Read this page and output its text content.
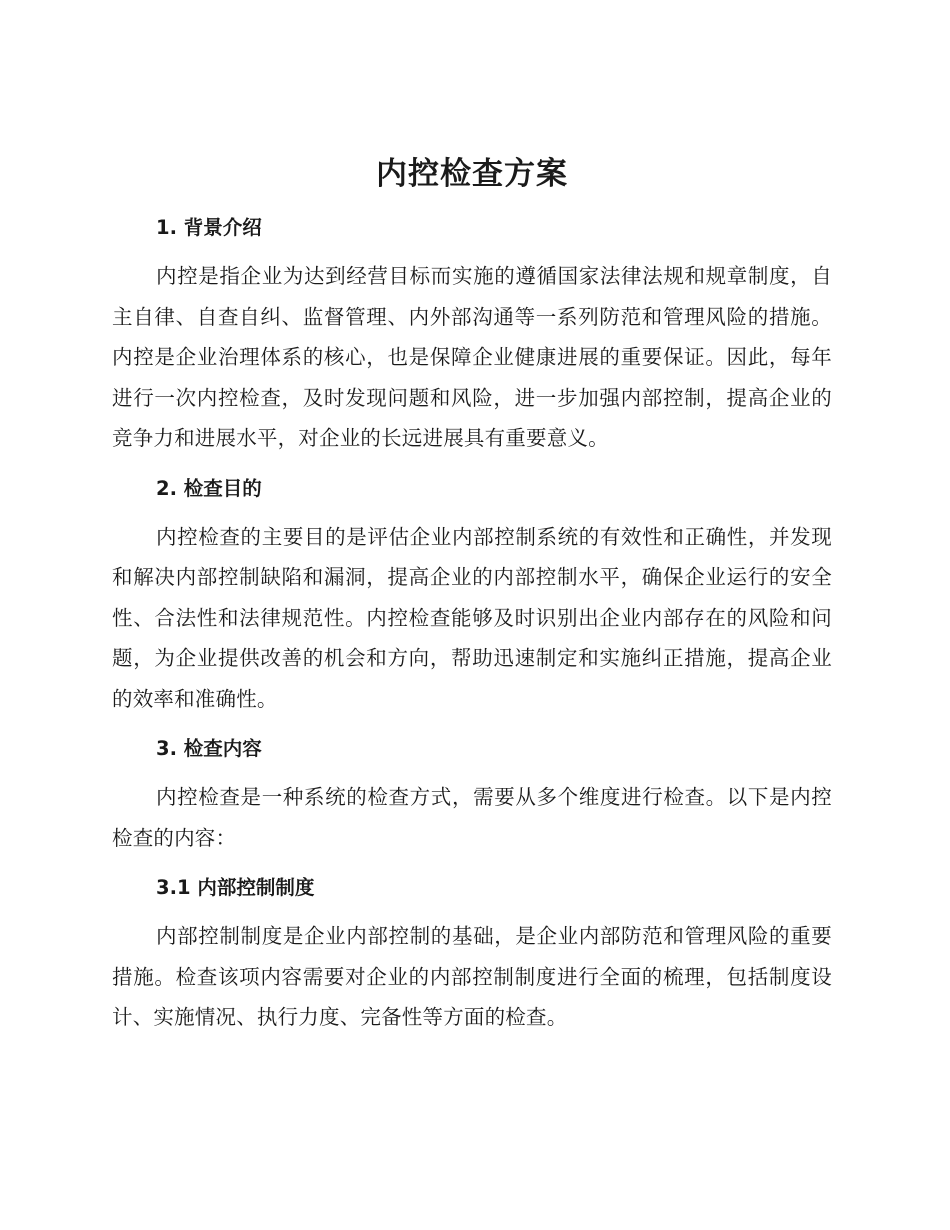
内控检查方案
1. 背景介绍

内控是指企业为达到经营目标而实施的遵循国家法律法规和规章制度，自主自律、自查自纠、监督管理、内外部沟通等一系列防范和管理风险的措施。内控是企业治理体系的核心，也是保障企业健康进展的重要保证。因此，每年进行一次内控检查，及时发现问题和风险，进一步加强内部控制，提高企业的竞争力和进展水平，对企业的长远进展具有重要意义。

2. 检查目的

内控检查的主要目的是评估企业内部控制系统的有效性和正确性，并发现和解决内部控制缺陷和漏洞，提高企业的内部控制水平，确保企业运行的安全性、合法性和法律规范性。内控检查能够及时识别出企业内部存在的风险和问题，为企业提供改善的机会和方向，帮助迅速制定和实施纠正措施，提高企业的效率和准确性。

3. 检查内容

内控检查是一种系统的检查方式，需要从多个维度进行检查。以下是内控检查的内容：

3.1 内部控制制度

内部控制制度是企业内部控制的基础，是企业内部防范和管理风险的重要措施。检查该项内容需要对企业的内部控制制度进行全面的梳理，包括制度设计、实施情况、执行力度、完备性等方面的检查。
